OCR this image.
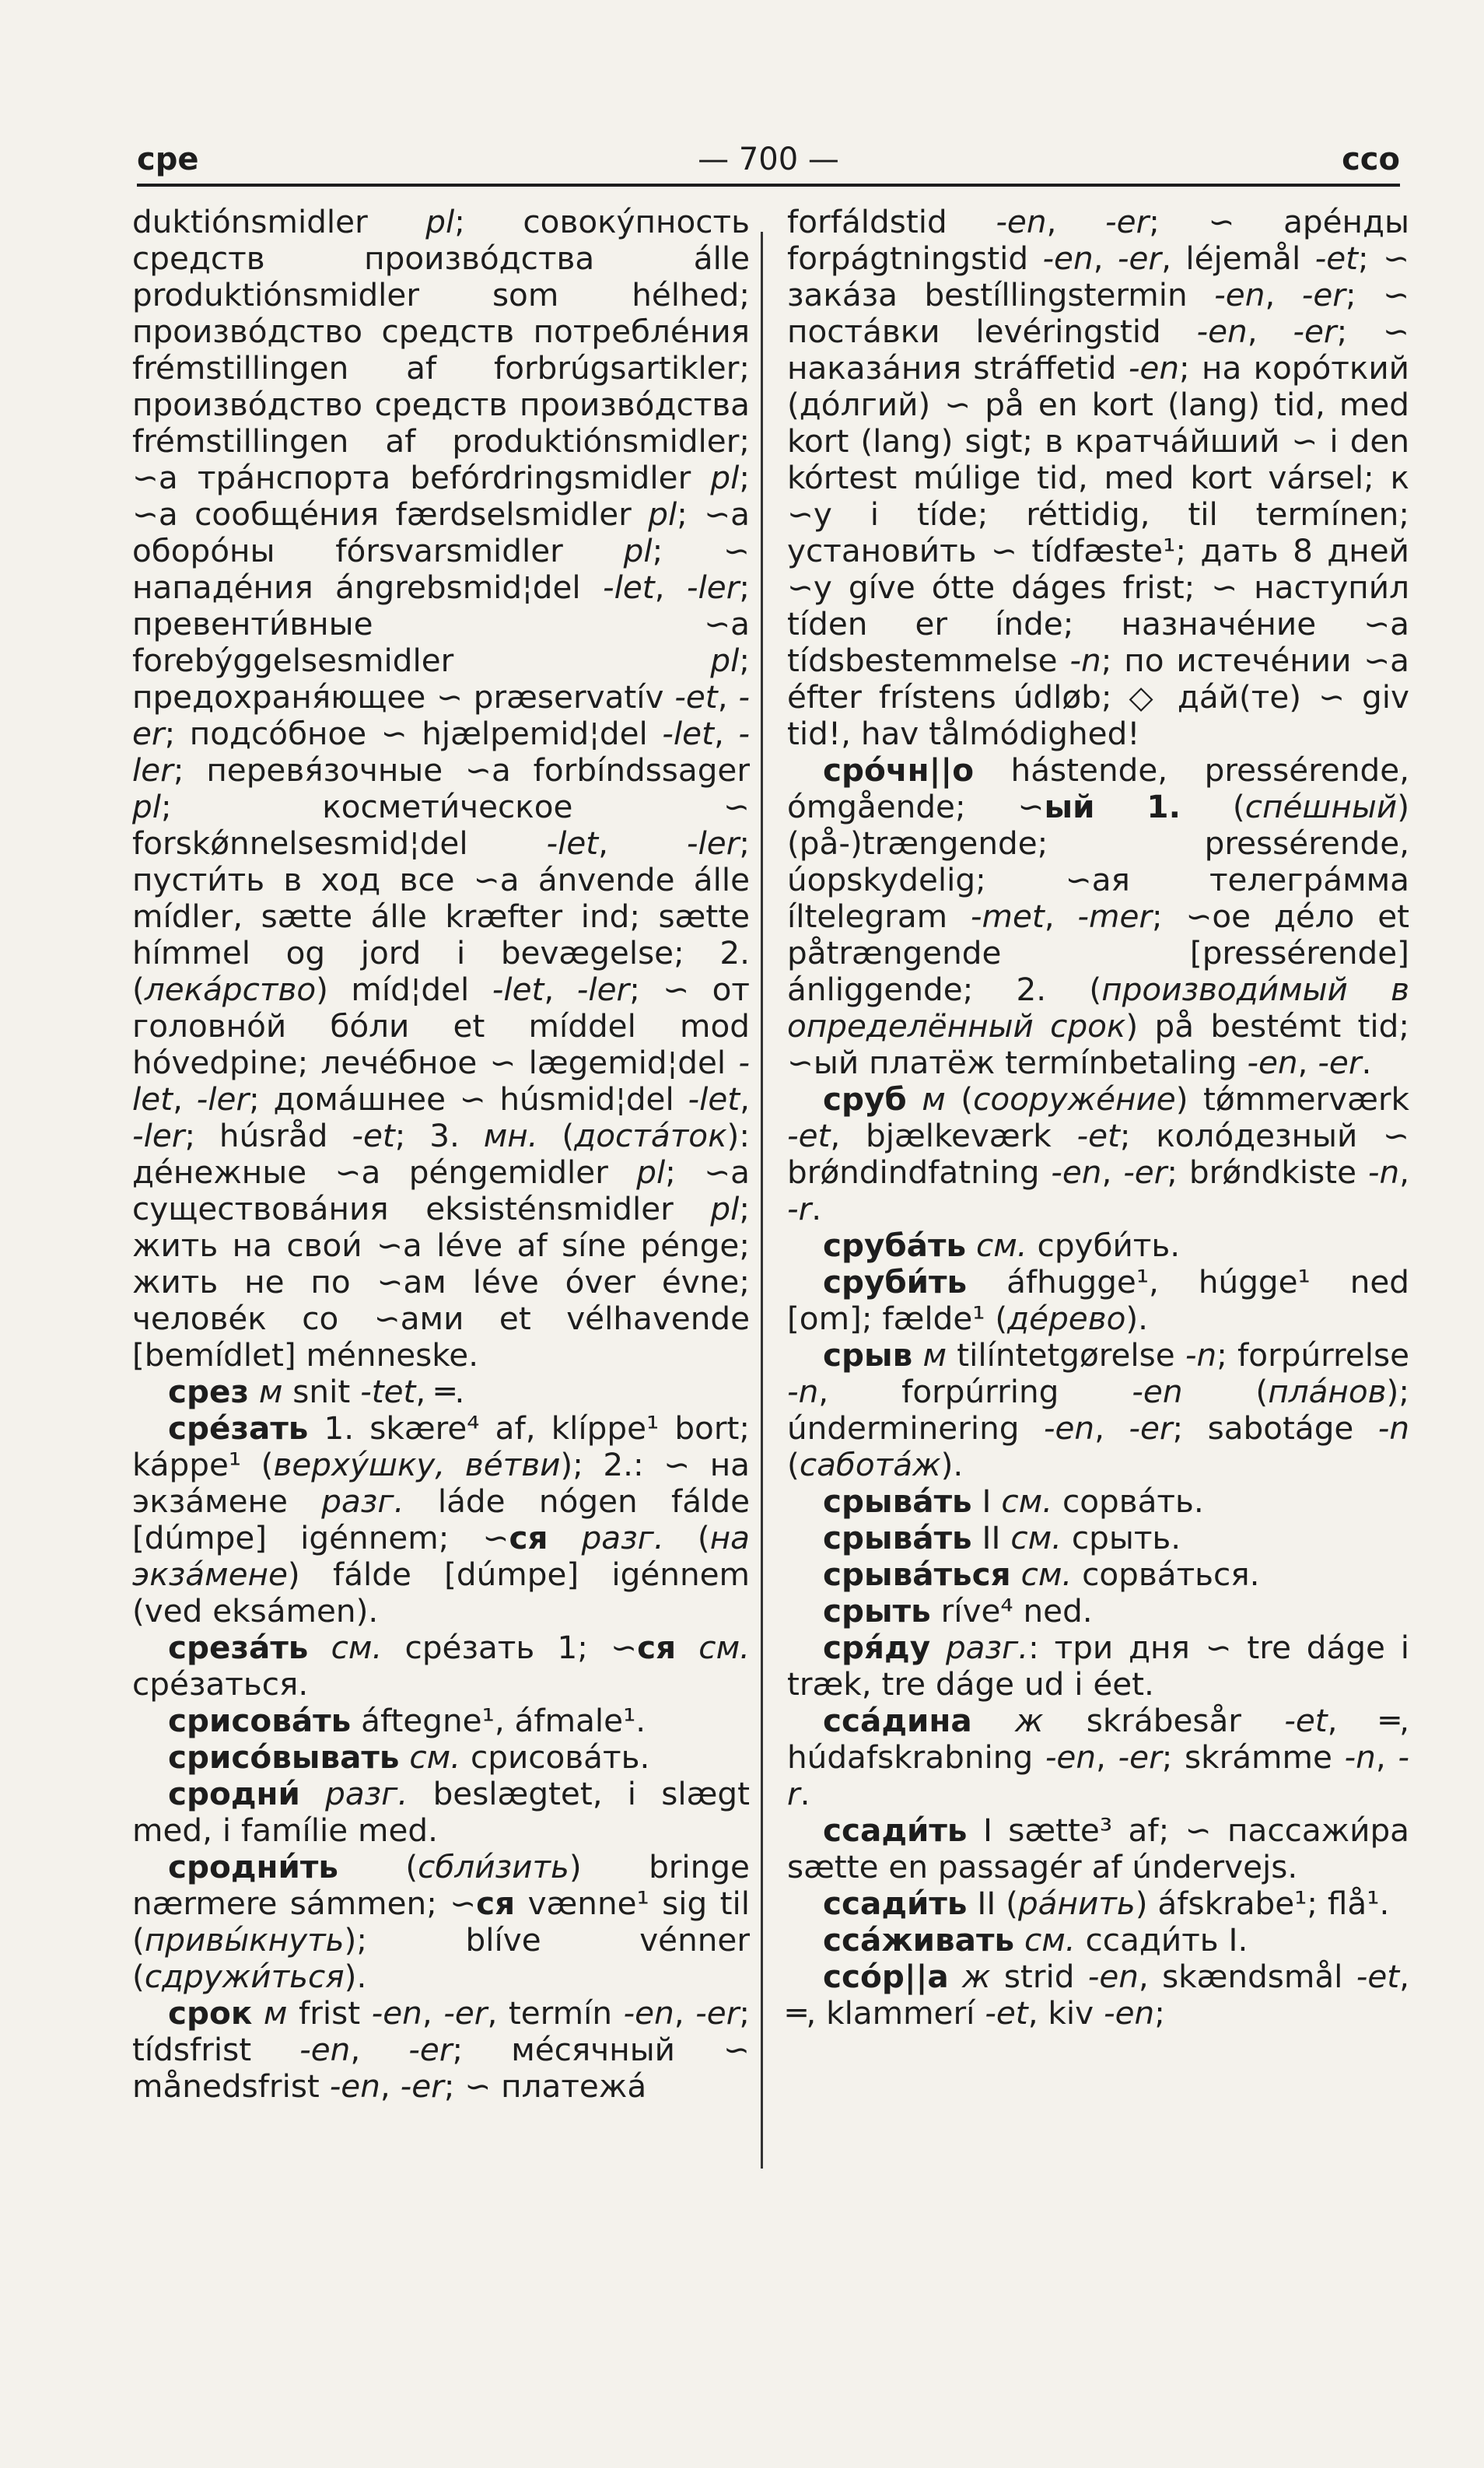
сре	— 700 —	cco

duktiónsmidler pl; совоку́пность средств произво́дства álle produktiónsmidler som hélhed; произво́дство средств потребле́ния frémstillingen af forbrúgsartikler; произво́дство средств произво́дства frémstillingen af produktiónsmidler; ∽а тра́нспорта befórdringsmidler pl; ∽а сообще́ния færdselsmidler pl; ∽а оборо́ны fórsvarsmidler pl; ∽ нападе́ния ángrebsmid¦del -let, -ler; превенти́вные ∽а forebýggelsesmidler pl; предохраня́ющее ∽ præservatív -et, -er; подсо́бное ∽ hjælpemid¦del -let, -ler; перевя́зочные ∽а forbíndssager pl; космети́ческое ∽ forskǿnnelsesmid¦del -let, -ler; пусти́ть в ход все ∽а ánvende álle mídler, sætte álle kræfter ind; sætte hímmel og jord i bevægelse; 2. (лека́рство) míd¦del -let, -ler; ∽ от головно́й бо́ли et míddel mod hóvedpine; лече́бное ∽ lægemid¦del -let, -ler; дома́шнее ∽ húsmid¦del -let, -ler; húsråd -et; 3. мн. (доста́ток): де́нежные ∽а péngemidler pl; ∽а существова́ния eksisténsmidler pl; жить на свои́ ∽а léve af síne pénge; жить не по ∽ам léve óver évne; челове́к со ∽ами et vélhavende [bemídlet] ménneske.

срез м snit -tet, ═.

сре́зать 1. skære⁴ af, klíppe¹ bort; káppe¹ (верху́шку, ве́тви); 2.: ∽ на экза́мене разг. láde nógen fálde [dúmpe] igénnem; ∽ся разг. (на экза́мене) fálde [dúmpe] igénnem (ved eksámen).

среза́ть см. сре́зать 1; ∽ся см. сре́заться.

срисова́ть áftegne¹, áfmale¹.

срисо́вывать см. срисова́ть.

сродни́ разг. beslægtet, i slægt med, i famílie med.

сродни́ть (сбли́зить) bringe nærmere sámmen; ∽ся vænne¹ sig til (привы́кнуть); blíve vénner (сдружи́ться).

срок м frist -en, -er, termín -en, -er; tídsfrist -en, -er; ме́сячный ∽ månedsfrist -en, -er; ∽ платежа́

forfáldstid -en, -er; ∽ аре́нды forpágtningstid -en, -er, léjemål -et; ∽ зака́за bestíllingstermin -en, -er; ∽ поста́вки levéringstid -en, -er; ∽ наказа́ния stráffetid -en; на коро́ткий (до́лгий) ∽ på en kort (lang) tid, med kort (lang) sigt; в кратча́йший ∽ i den kórtest múlige tid, med kort vársel; к ∽у i tíde; réttidig, til termínen; установи́ть ∽ tídfæste¹; дать 8 дней ∽у gíve ótte dáges frist; ∽ наступи́л tíden er índe; назначе́ние ∽а tídsbestemmelse -n; по истече́нии ∽а éfter frístens údløb; ◇ да́й(те) ∽ giv tid!, hav tålmódighed!

сро́чн||о hástende, pressérende, ómgående; ∽ый 1. (спе́шный) (på-)trængende; pressérende, úopskydelig; ∽ая телегра́мма íltelegram -met, -mer; ∽ое де́ло et påtrængende [pressérende] ánliggende; 2. (производи́мый в определённый срок) på bestémt tid; ∽ый платёж termínbetaling -en, -er.

сруб м (сооруже́ние) tǿmmerværk -et, bjælkeværk -et; коло́дезный ∽ brǿndindfatning -en, -er; brǿndkiste -n, -r.

сруба́ть см. сруби́ть.

сруби́ть áfhugge¹, húgge¹ ned [om]; fælde¹ (де́рево).

срыв м tilíntetgørelse -n; forpúrrelse -n, forpúrring -en (пла́нов); únderminering -en, -er; sabotáge -n (сабота́ж).

срыва́ть I см. сорва́ть.

срыва́ть II см. срыть.

срыва́ться см. сорва́ться.

срыть ríve⁴ ned.

сря́ду разг.: три дня ∽ tre dáge i træk, tre dáge ud i éet.

сса́дина ж skrábesår -et, ═, húdafskrabning -en, -er; skrámme -n, -r.

ссади́ть I sætte³ af; ∽ пассажи́ра sætte en passagér af úndervejs.

ссади́ть II (ра́нить) áfskrabe¹; flå¹.

сса́живать см. ссади́ть I.

ссо́р||а ж strid -en, skændsmål -et, ═, klammerí -et, kiv -en;
